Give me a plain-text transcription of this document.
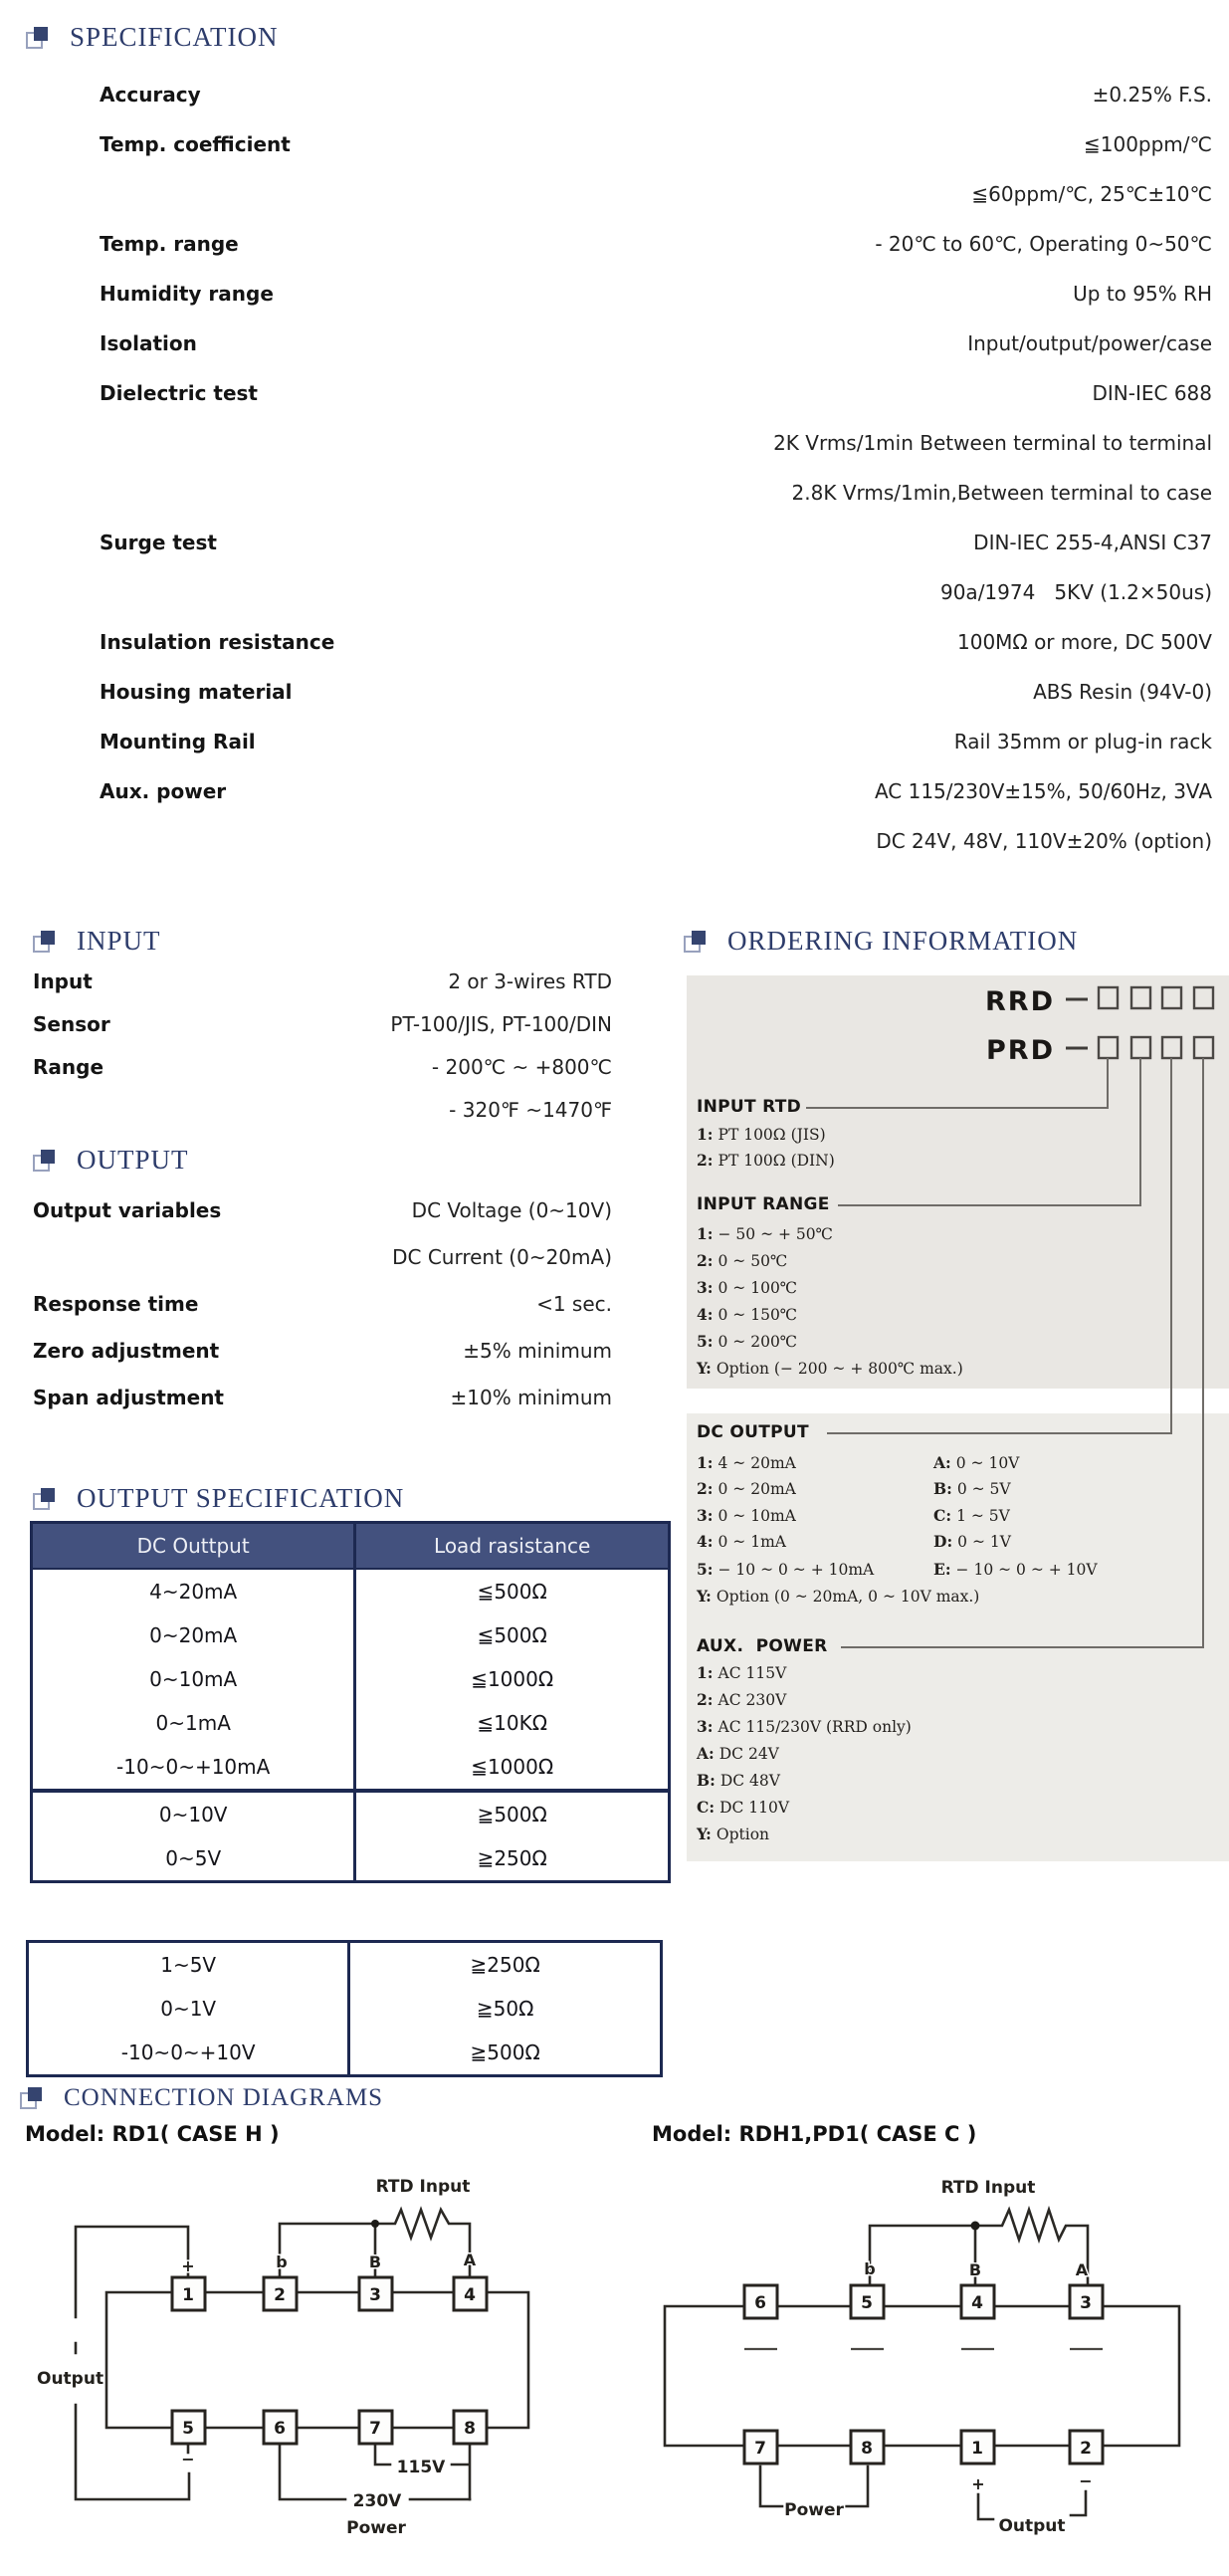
SPECIFICATION
Accuracy	±0.25% F.S.
Temp. coefficient	≦100ppm/℃
≦60ppm/℃, 25℃±10℃
Temp. range	- 20℃ to 60℃, Operating 0~50℃
Humidity range	Up to 95% RH
Isolation	Input/output/power/case
Dielectric test	DIN-IEC 688
2K Vrms/1min Between terminal to terminal
2.8K Vrms/1min,Between terminal to case
Surge test	DIN-IEC 255-4,ANSI C37
90a/1974   5KV (1.2×50us)
Insulation resistance	100MΩ or more, DC 500V
Housing material	ABS Resin (94V-0)
Mounting Rail	Rail 35mm or plug-in rack
Aux. power	AC 115/230V±15%, 50/60Hz, 3VA
DC 24V, 48V, 110V±20% (option)
INPUT
Input	2 or 3-wires RTD
Sensor	PT-100/JIS, PT-100/DIN
Range	- 200℃ ~ +800℃
- 320℉ ~1470℉
OUTPUT
Output variables	DC Voltage (0~10V)
DC Current (0~20mA)
Response time	<1 sec.
Zero adjustment	±5% minimum
Span adjustment	±10% minimum
ORDERING INFORMATION
RRD
PRD
INPUT RTD
1: PT 100Ω (JIS)
2: PT 100Ω (DIN)
INPUT RANGE
1: − 50 ~ + 50℃
2: 0 ~ 50℃
3: 0 ~ 100℃
4: 0 ~ 150℃
5: 0 ~ 200℃
Y: Option (− 200 ~ + 800℃ max.)
DC OUTPUT
1: 4 ~ 20mA
2: 0 ~ 20mA
3: 0 ~ 10mA
4: 0 ~ 1mA
5: − 10 ~ 0 ~ + 10mA
A: 0 ~ 10V
B: 0 ~ 5V
C: 1 ~ 5V
D: 0 ~ 1V
E: − 10 ~ 0 ~ + 10V
Y: Option (0 ~ 20mA, 0 ~ 10V max.)
AUX.  POWER
1: AC 115V
2: AC 230V
3: AC 115/230V (RRD only)
A: DC 24V
B: DC 48V
C: DC 110V
Y: Option
OUTPUT SPECIFICATION
DC Outtput	Load rasistance
4~20mA	≦500Ω
0~20mA	≦500Ω
0~10mA	≦1000Ω
0~1mA	≦10KΩ
-10~0~+10mA	≦1000Ω
0~10V	≧500Ω
0~5V	≧250Ω
1~5V	≧250Ω
0~1V	≧50Ω
-10~0~+10V	≧500Ω
CONNECTION DIAGRAMS
Model: RD1( CASE H )	Model: RDH1,PD1( CASE C )
1	2	3	4
5	6	7	8
RTD Input
+	b	B	A
−
Output
115V
230V
Power
6	5	4	3
7	8	1	2
RTD Input
b	B	A
+	−
Power
Output
